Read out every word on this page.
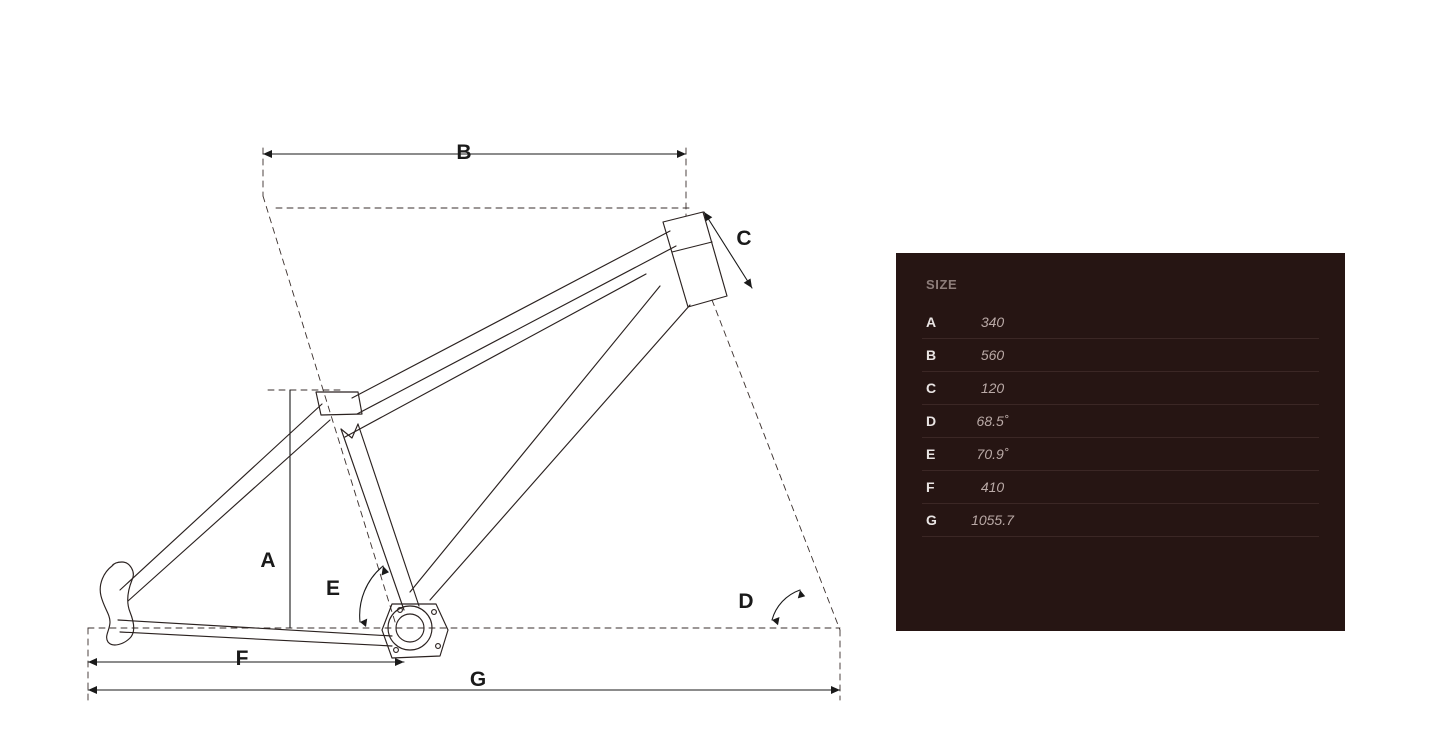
B
C
A
E
D
F
G
SIZE
A	340
B	560
C	120
D	68.5˚
E	70.9˚
F	410
G	1055.7
